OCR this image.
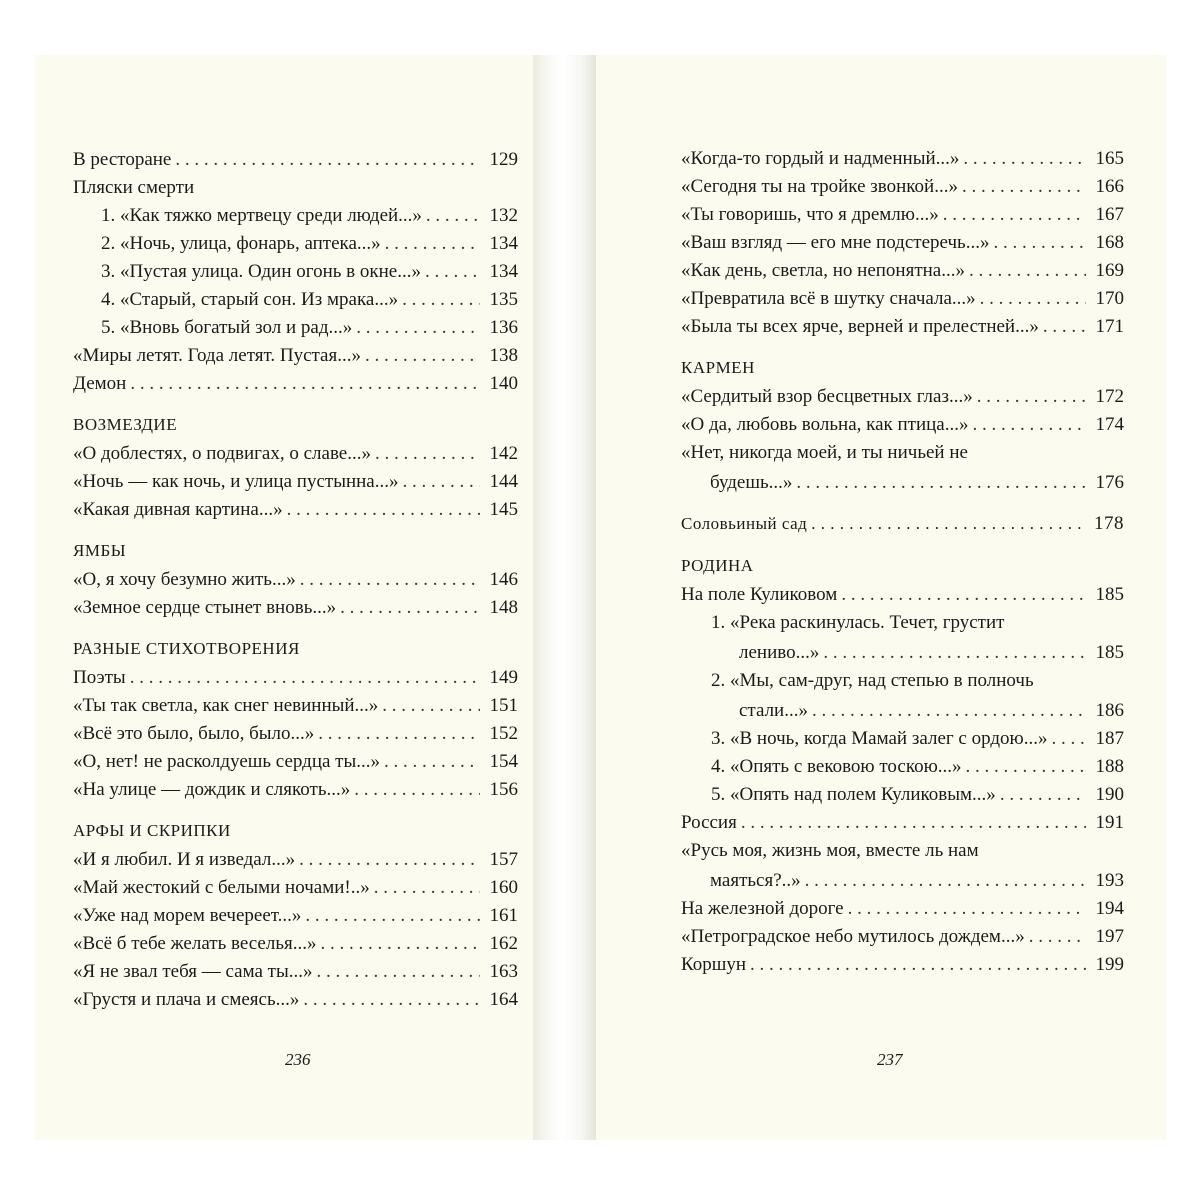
В ресторане . . .	129
Пляски смерти
1. «Как тяжко мертвецу среди людей...» . . .	132
2. «Ночь, улица, фонарь, аптека...» . . .	134
3. «Пустая улица. Один огонь в окне...» . . .	134
4. «Старый, старый сон. Из мрака...» . . .	135
5. «Вновь богатый зол и рад...» . . .	136
«Миры летят. Года летят. Пустая...» . . .	138
Демон . . .	140
ВОЗМЕЗДИЕ
«О доблестях, о подвигах, о славе...» . . .	142
«Ночь — как ночь, и улица пустынна...» . . .	144
«Какая дивная картина...» . . .	145
ЯМБЫ
«О, я хочу безумно жить...» . . .	146
«Земное сердце стынет вновь...» . . .	148
РАЗНЫЕ СТИХОТВОРЕНИЯ
Поэты . . .	149
«Ты так светла, как снег невинный...» . . .	151
«Всё это было, было, было...» . . .	152
«О, нет! не расколдуешь сердца ты...» . . .	154
«На улице — дождик и слякоть...» . . .	156
АРФЫ И СКРИПКИ
«И я любил. И я изведал...» . . .	157
«Май жестокий с белыми ночами!..» . . .	160
«Уже над морем вечереет...» . . .	161
«Всё б тебе желать веселья...» . . .	162
«Я не звал тебя — сама ты...» . . .	163
«Грустя и плача и смеясь...» . . .	164
«Когда-то гордый и надменный...» . . .	165
«Сегодня ты на тройке звонкой...» . . .	166
«Ты говоришь, что я дремлю...» . . .	167
«Ваш взгляд — его мне подстеречь...» . . .	168
«Как день, светла, но непонятна...» . . .	169
«Превратила всё в шутку сначала...» . . .	170
«Была ты всех ярче, верней и прелестней...» . . .	171
КАРМЕН
«Сердитый взор бесцветных глаз...» . . .	172
«О да, любовь вольна, как птица...» . . .	174
«Нет, никогда моей, и ты ничьей не
будешь...» . . .	176
Соловьиный сад . . .	178
РОДИНА
На поле Куликовом . . .	185
1. «Река раскинулась. Течет, грустит
лениво...» . . .	185
2. «Мы, сам-друг, над степью в полночь
стали...» . . .	186
3. «В ночь, когда Мамай залег с ордою...» . . .	187
4. «Опять с вековою тоскою...» . . .	188
5. «Опять над полем Куликовым...» . . .	190
Россия . . .	191
«Русь моя, жизнь моя, вместе ль нам
маяться?..» . . .	193
На железной дороге . . .	194
«Петроградское небо мутилось дождем...» . . .	197
Коршун . . .	199
236	237
